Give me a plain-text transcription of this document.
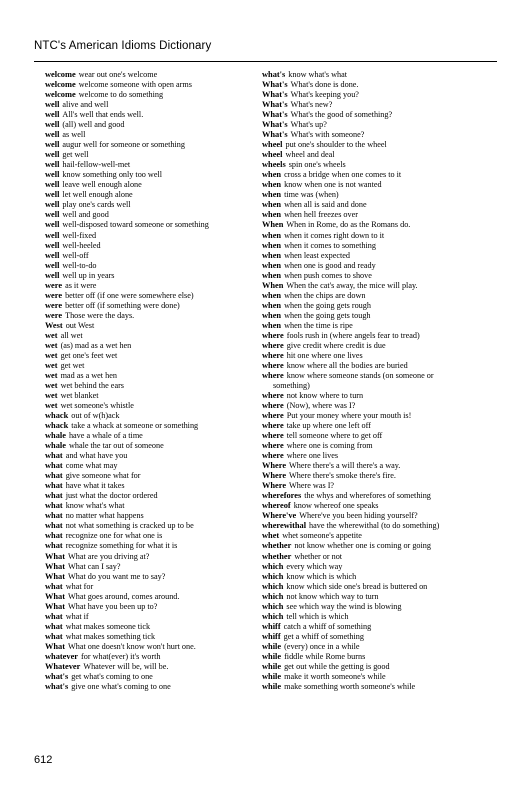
NTC's American Idioms Dictionary
welcome wear out one's welcome
welcome welcome someone with open arms
welcome welcome to do something
well alive and well
well All's well that ends well.
well (all) well and good
well as well
well augur well for someone or something
well get well
well hail-fellow-well-met
well know something only too well
well leave well enough alone
well let well enough alone
well play one's cards well
well well and good
well well-disposed toward someone or something
well well-fixed
well well-heeled
well well-off
well well-to-do
well well up in years
were as it were
were better off (if one were somewhere else)
were better off (if something were done)
were Those were the days.
West out West
wet all wet
wet (as) mad as a wet hen
wet get one's feet wet
wet get wet
wet mad as a wet hen
wet wet behind the ears
wet wet blanket
wet wet someone's whistle
whack out of w(h)ack
whack take a whack at someone or something
whale have a whale of a time
whale whale the tar out of someone
what and what have you
what come what may
what give someone what for
what have what it takes
what just what the doctor ordered
what know what's what
what no matter what happens
what not what something is cracked up to be
what recognize one for what one is
what recognize something for what it is
What What are you driving at?
What What can I say?
What What do you want me to say?
what what for
What What goes around, comes around.
What What have you been up to?
what what if
what what makes someone tick
what what makes something tick
What What one doesn't know won't hurt one.
whatever for what(ever) it's worth
Whatever Whatever will be, will be.
what's get what's coming to one
what's give one what's coming to one
what's know what's what
What's What's done is done.
What's What's keeping you?
What's What's new?
What's What's the good of something?
What's What's up?
What's What's with someone?
wheel put one's shoulder to the wheel
wheel wheel and deal
wheels spin one's wheels
when cross a bridge when one comes to it
when know when one is not wanted
when time was (when)
when when all is said and done
when when hell freezes over
When When in Rome, do as the Romans do.
when when it comes right down to it
when when it comes to something
when when least expected
when when one is good and ready
when when push comes to shove
When When the cat's away, the mice will play.
when when the chips are down
when when the going gets rough
when when the going gets tough
when when the time is ripe
where fools rush in (where angels fear to tread)
where give credit where credit is due
where hit one where one lives
where know where all the bodies are buried
where know where someone stands (on someone or
something)
where not know where to turn
where (Now), where was I?
where Put your money where your mouth is!
where take up where one left off
where tell someone where to get off
where where one is coming from
where where one lives
Where Where there's a will there's a way.
Where Where there's smoke there's fire.
Where Where was I?
wherefores the whys and wherefores of something
whereof know whereof one speaks
Where've Where've you been hiding yourself?
wherewithal have the wherewithal (to do something)
whet whet someone's appetite
whether not know whether one is coming or going
whether whether or not
which every which way
which know which is which
which know which side one's bread is buttered on
which not know which way to turn
which see which way the wind is blowing
which tell which is which
whiff catch a whiff of something
whiff get a whiff of something
while (every) once in a while
while fiddle while Rome burns
while get out while the getting is good
while make it worth someone's while
while make something worth someone's while
612
